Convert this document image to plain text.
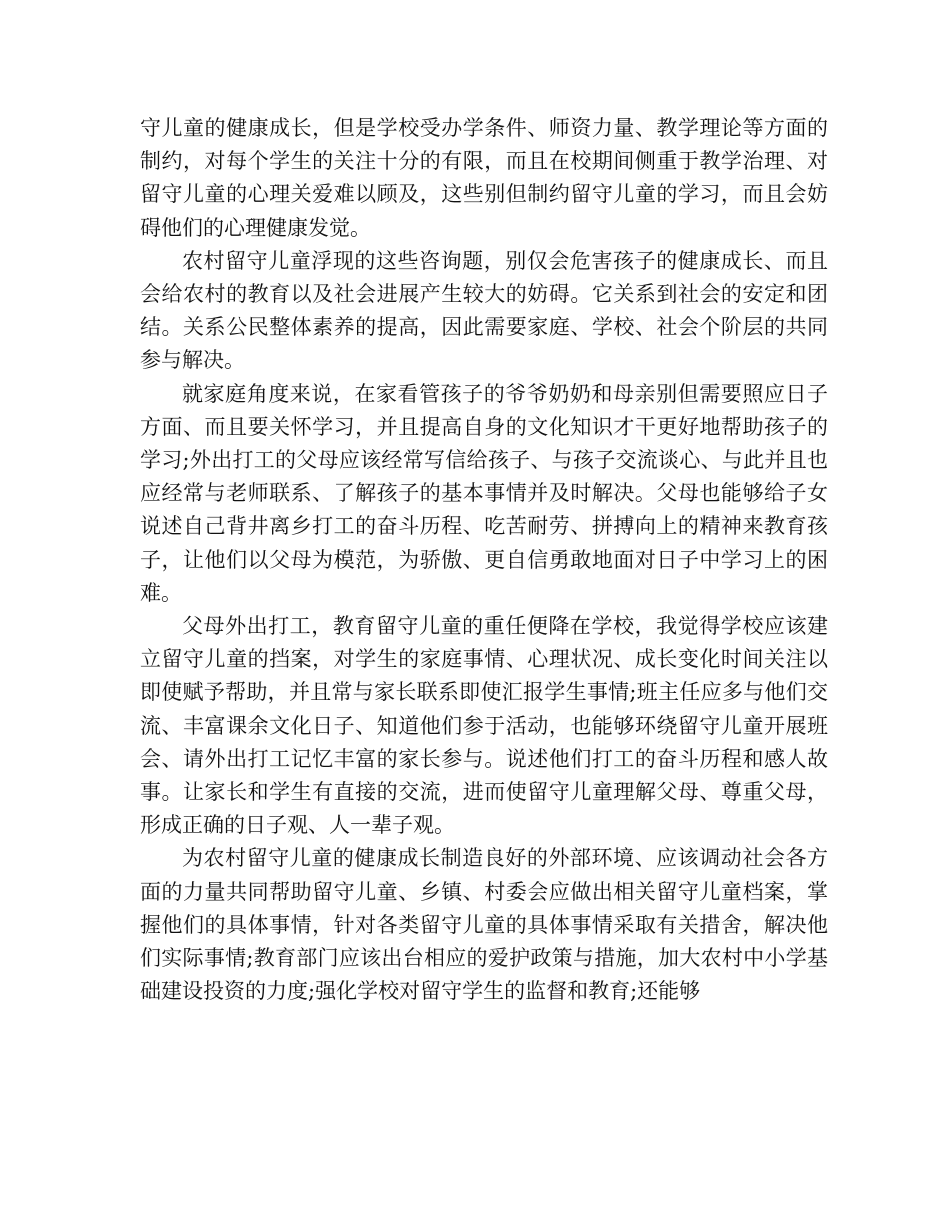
守儿童的健康成长，但是学校受办学条件、师资力量、教学理论等方面的制约，对每个学生的关注十分的有限，而且在校期间侧重于教学治理、对留守儿童的心理关爱难以顾及，这些别但制约留守儿童的学习，而且会妨碍他们的心理健康发觉。

农村留守儿童浮现的这些咨询题，别仅会危害孩子的健康成长、而且会给农村的教育以及社会进展产生较大的妨碍。它关系到社会的安定和团结。关系公民整体素养的提高，因此需要家庭、学校、社会个阶层的共同参与解决。

就家庭角度来说，在家看管孩子的爷爷奶奶和母亲别但需要照应日子方面、而且要关怀学习，并且提高自身的文化知识才干更好地帮助孩子的学习;外出打工的父母应该经常写信给孩子、与孩子交流谈心、与此并且也应经常与老师联系、了解孩子的基本事情并及时解决。父母也能够给子女说述自己背井离乡打工的奋斗历程、吃苦耐劳、拼搏向上的精神来教育孩子，让他们以父母为模范，为骄傲、更自信勇敢地面对日子中学习上的困难。

父母外出打工，教育留守儿童的重任便降在学校，我觉得学校应该建立留守儿童的挡案，对学生的家庭事情、心理状况、成长变化时间关注以即使赋予帮助，并且常与家长联系即使汇报学生事情;班主任应多与他们交流、丰富课余文化日子、知道他们参于活动，也能够环绕留守儿童开展班会、请外出打工记忆丰富的家长参与。说述他们打工的奋斗历程和感人故事。让家长和学生有直接的交流，进而使留守儿童理解父母、尊重父母，形成正确的日子观、人一辈子观。

为农村留守儿童的健康成长制造良好的外部环境、应该调动社会各方面的力量共同帮助留守儿童、乡镇、村委会应做出相关留守儿童档案，掌握他们的具体事情，针对各类留守儿童的具体事情采取有关措舍，解决他们实际事情;教育部门应该出台相应的爱护政策与措施，加大农村中小学基础建设投资的力度;强化学校对留守学生的监督和教育;还能够
